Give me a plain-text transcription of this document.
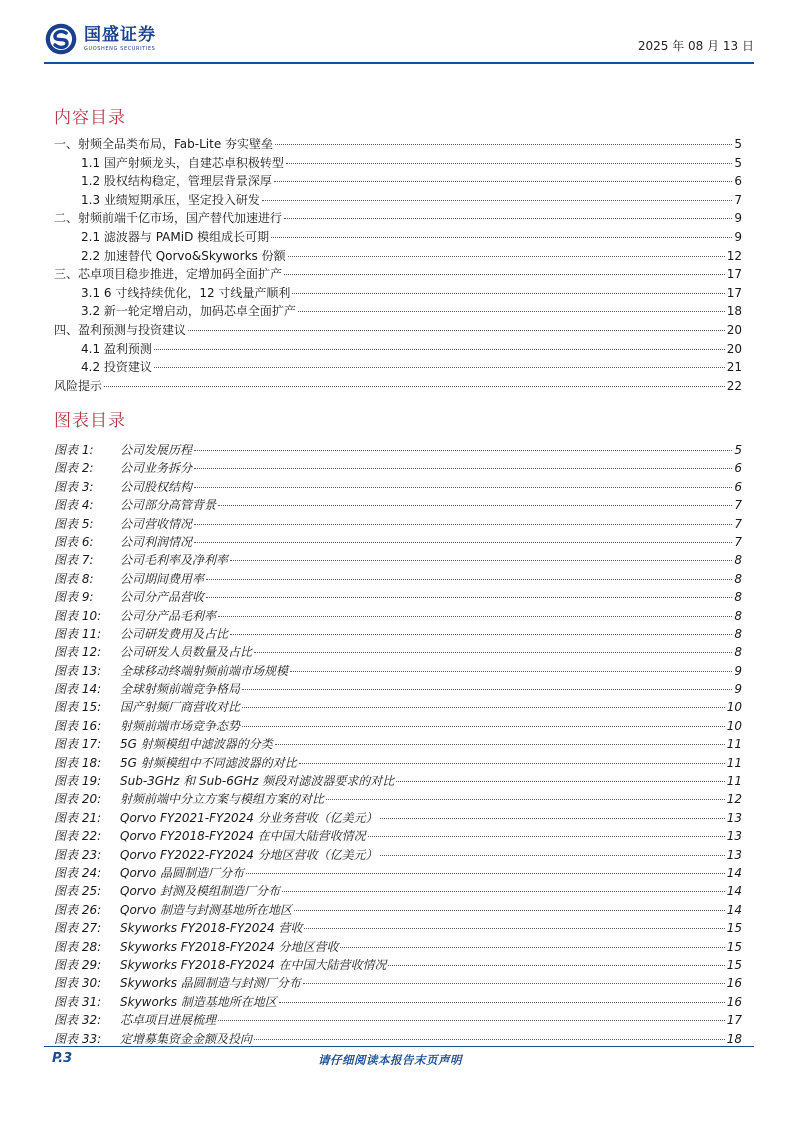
国盛证券
GUOSHENG SECURITIES	2025 年 08 月 13 日
内容目录
一、射频全品类布局，Fab-Lite 夯实壁垒	5
1.1 国产射频龙头，自建芯卓积极转型	5
1.2 股权结构稳定，管理层背景深厚	6
1.3 业绩短期承压，坚定投入研发	7
二、射频前端千亿市场，国产替代加速进行	9
2.1 滤波器与 PAMiD 模组成长可期	9
2.2 加速替代 Qorvo&Skyworks 份额	12
三、芯卓项目稳步推进，定增加码全面扩产	17
3.1 6 寸线持续优化，12 寸线量产顺利	17
3.2 新一轮定增启动，加码芯卓全面扩产	18
四、盈利预测与投资建议	20
4.1 盈利预测	20
4.2 投资建议	21
风险提示	22
图表目录
图表 1:	公司发展历程	5
图表 2:	公司业务拆分	6
图表 3:	公司股权结构	6
图表 4:	公司部分高管背景	7
图表 5:	公司营收情况	7
图表 6:	公司利润情况	7
图表 7:	公司毛利率及净利率	8
图表 8:	公司期间费用率	8
图表 9:	公司分产品营收	8
图表 10:	公司分产品毛利率	8
图表 11:	公司研发费用及占比	8
图表 12:	公司研发人员数量及占比	8
图表 13:	全球移动终端射频前端市场规模	9
图表 14:	全球射频前端竞争格局	9
图表 15:	国产射频厂商营收对比	10
图表 16:	射频前端市场竞争态势	10
图表 17:	5G 射频模组中滤波器的分类	11
图表 18:	5G 射频模组中不同滤波器的对比	11
图表 19:	Sub-3GHz 和 Sub-6GHz 频段对滤波器要求的对比	11
图表 20:	射频前端中分立方案与模组方案的对比	12
图表 21:	Qorvo FY2021-FY2024 分业务营收（亿美元）	13
图表 22:	Qorvo FY2018-FY2024 在中国大陆营收情况	13
图表 23:	Qorvo FY2022-FY2024 分地区营收（亿美元）	13
图表 24:	Qorvo 晶圆制造厂分布	14
图表 25:	Qorvo 封测及模组制造厂分布	14
图表 26:	Qorvo 制造与封测基地所在地区	14
图表 27:	Skyworks FY2018-FY2024 营收	15
图表 28:	Skyworks FY2018-FY2024 分地区营收	15
图表 29:	Skyworks FY2018-FY2024 在中国大陆营收情况	15
图表 30:	Skyworks 晶圆制造与封测厂分布	16
图表 31:	Skyworks 制造基地所在地区	16
图表 32:	芯卓项目进展梳理	17
图表 33:	定增募集资金金额及投向	18
P.3	请仔细阅读本报告末页声明
